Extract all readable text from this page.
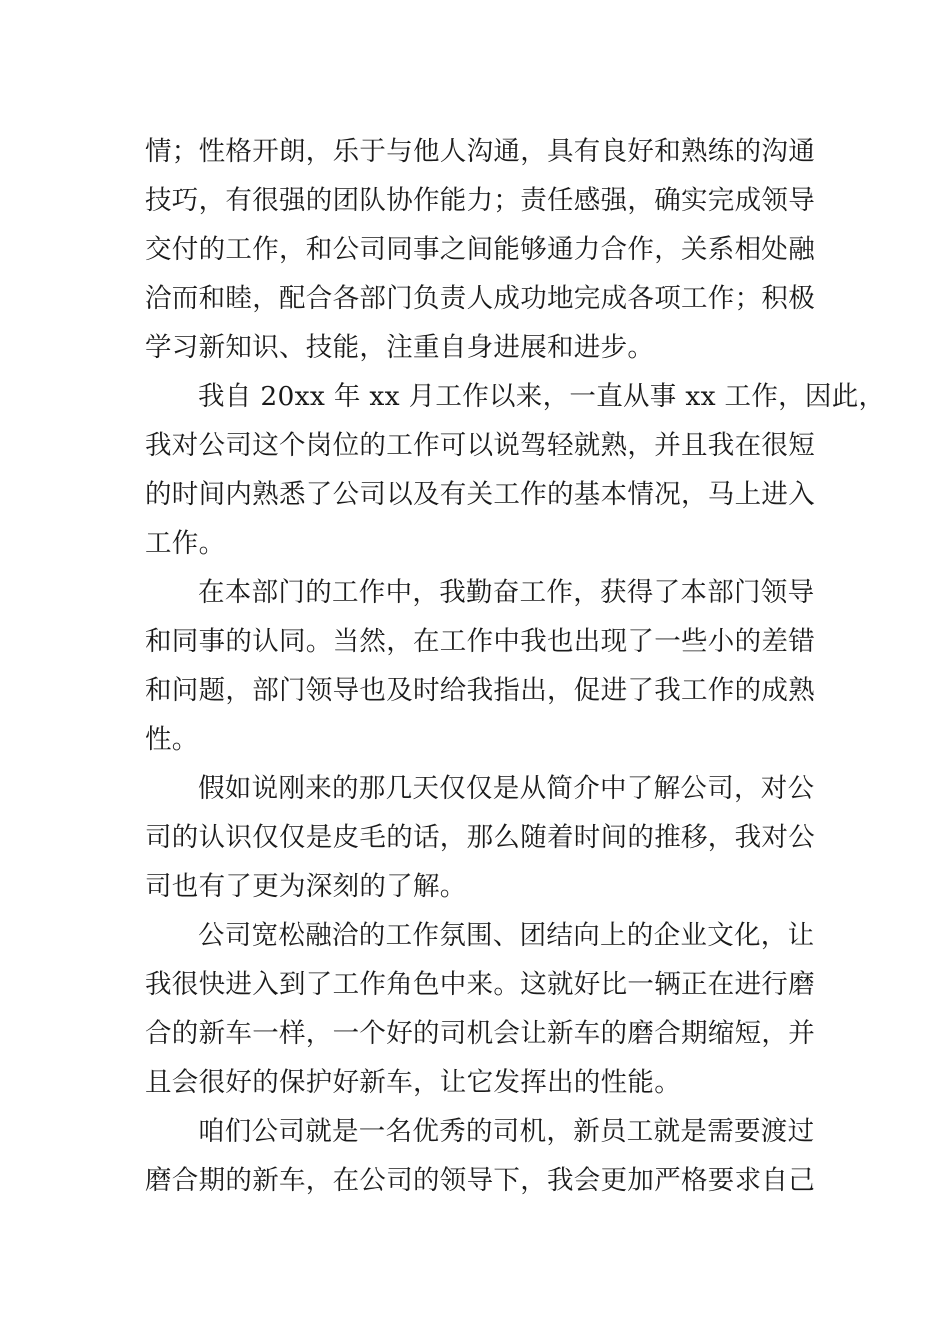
情；性格开朗，乐于与他人沟通，具有良好和熟练的沟通
技巧，有很强的团队协作能力；责任感强，确实完成领导
交付的工作，和公司同事之间能够通力合作，关系相处融
洽而和睦，配合各部门负责人成功地完成各项工作；积极
学习新知识、技能，注重自身进展和进步。
我自 20xx 年 xx 月工作以来，一直从事 xx 工作，因此，
我对公司这个岗位的工作可以说驾轻就熟，并且我在很短
的时间内熟悉了公司以及有关工作的基本情况，马上进入
工作。
在本部门的工作中，我勤奋工作，获得了本部门领导
和同事的认同。当然，在工作中我也出现了一些小的差错
和问题，部门领导也及时给我指出，促进了我工作的成熟
性。
假如说刚来的那几天仅仅是从简介中了解公司，对公
司的认识仅仅是皮毛的话，那么随着时间的推移，我对公
司也有了更为深刻的了解。
公司宽松融洽的工作氛围、团结向上的企业文化，让
我很快进入到了工作角色中来。这就好比一辆正在进行磨
合的新车一样，一个好的司机会让新车的磨合期缩短，并
且会很好的保护好新车，让它发挥出的性能。
咱们公司就是一名优秀的司机，新员工就是需要渡过
磨合期的新车，在公司的领导下，我会更加严格要求自己
